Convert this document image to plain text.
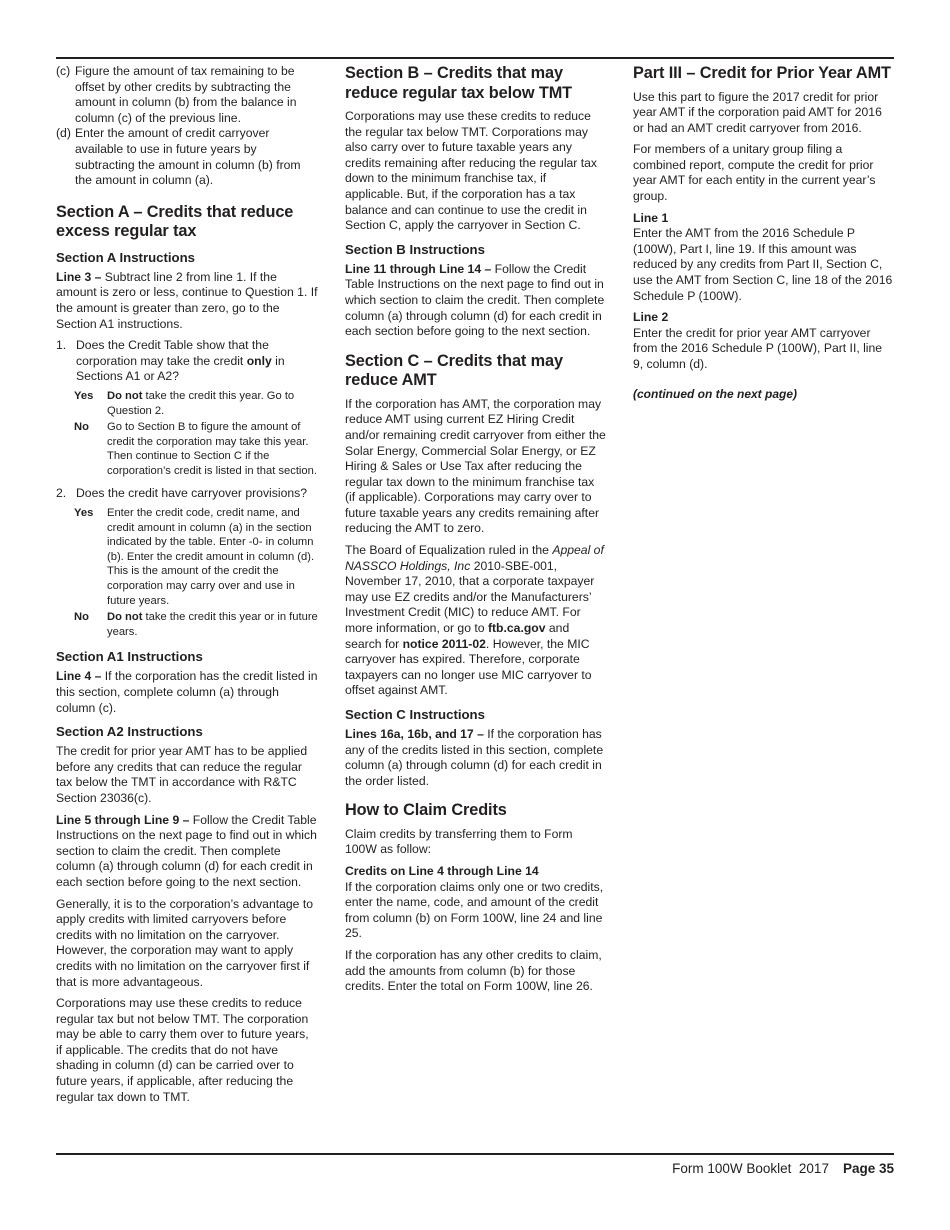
(c) Figure the amount of tax remaining to be offset by other credits by subtracting the amount in column (b) from the balance in column (c) of the previous line.
(d) Enter the amount of credit carryover available to use in future years by subtracting the amount in column (b) from the amount in column (a).
Section A – Credits that reduce excess regular tax
Section A Instructions

Line 3 – Subtract line 2 from line 1. If the amount is zero or less, continue to Question 1. If the amount is greater than zero, go to the Section A1 instructions.

1. Does the Credit Table show that the corporation may take the credit only in Sections A1 or A2?
Yes	Do not take the credit this year. Go to Question 2.
No	Go to Section B to figure the amount of credit the corporation may take this year. Then continue to Section C if the corporation’s credit is listed in that section.
2. Does the credit have carryover provisions?
Yes	Enter the credit code, credit name, and credit amount in column (a) in the section indicated by the table. Enter -0- in column (b). Enter the credit amount in column (d). This is the amount of the credit the corporation may carry over and use in future years.
No	Do not take the credit this year or in future years.
Section A1 Instructions

Line 4 – If the corporation has the credit listed in this section, complete column (a) through column (c).

Section A2 Instructions

The credit for prior year AMT has to be applied before any credits that can reduce the regular tax below the TMT in accordance with R&TC Section 23036(c).

Line 5 through Line 9 – Follow the Credit Table Instructions on the next page to find out in which section to claim the credit. Then complete column (a) through column (d) for each credit in each section before going to the next section.

Generally, it is to the corporation’s advantage to apply credits with limited carryovers before credits with no limitation on the carryover. However, the corporation may want to apply credits with no limitation on the carryover first if that is more advantageous.

Corporations may use these credits to reduce regular tax but not below TMT. The corporation may be able to carry them over to future years, if applicable. The credits that do not have shading in column (d) can be carried over to future years, if applicable, after reducing the regular tax down to TMT.

Section B – Credits that may reduce regular tax below TMT

Corporations may use these credits to reduce the regular tax below TMT. Corporations may also carry over to future taxable years any credits remaining after reducing the regular tax down to the minimum franchise tax, if applicable. But, if the corporation has a tax balance and can continue to use the credit in Section C, apply the carryover in Section C.

Section B Instructions

Line 11 through Line 14 – Follow the Credit Table Instructions on the next page to find out in which section to claim the credit. Then complete column (a) through column (d) for each credit in each section before going to the next section.

Section C – Credits that may reduce AMT

If the corporation has AMT, the corporation may reduce AMT using current EZ Hiring Credit and/or remaining credit carryover from either the Solar Energy, Commercial Solar Energy, or EZ Hiring & Sales or Use Tax after reducing the regular tax down to the minimum franchise tax (if applicable). Corporations may carry over to future taxable years any credits remaining after reducing the AMT to zero.

The Board of Equalization ruled in the Appeal of NASSCO Holdings, Inc 2010-SBE-001, November 17, 2010, that a corporate taxpayer may use EZ credits and/or the Manufacturers’ Investment Credit (MIC) to reduce AMT. For more information, or go to ftb.ca.gov and search for notice 2011-02. However, the MIC carryover has expired. Therefore, corporate taxpayers can no longer use MIC carryover to offset against AMT.

Section C Instructions

Lines 16a, 16b, and 17 – If the corporation has any of the credits listed in this section, complete column (a) through column (d) for each credit in the order listed.

How to Claim Credits

Claim credits by transferring them to Form 100W as follow:

Credits on Line 4 through Line 14

If the corporation claims only one or two credits, enter the name, code, and amount of the credit from column (b) on Form 100W, line 24 and line 25.

If the corporation has any other credits to claim, add the amounts from column (b) for those credits. Enter the total on Form 100W, line 26.

Part III – Credit for Prior Year AMT

Use this part to figure the 2017 credit for prior year AMT if the corporation paid AMT for 2016 or had an AMT credit carryover from 2016.

For members of a unitary group filing a combined report, compute the credit for prior year AMT for each entity in the current year’s group.

Line 1

Enter the AMT from the 2016 Schedule P (100W), Part I, line 19. If this amount was reduced by any credits from Part II, Section C, use the AMT from Section C, line 18 of the 2016 Schedule P (100W).

Line 2

Enter the credit for prior year AMT carryover from the 2016 Schedule P (100W), Part II, line 9, column (d).

(continued on the next page)

Form 100W Booklet  2017 Page 35
